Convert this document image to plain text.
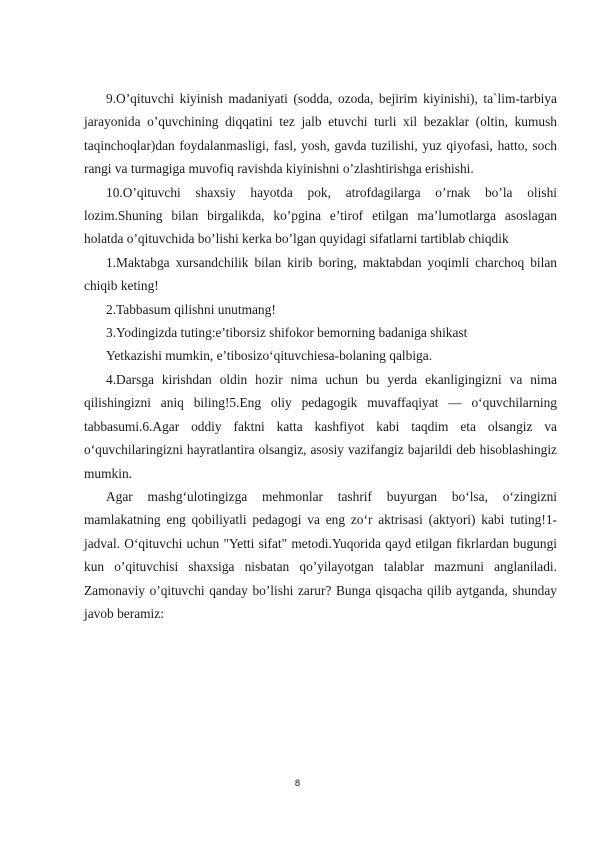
9.O’qituvchi kiyinish madaniyati (sodda, ozoda, bejirim kiyinishi), ta`lim-tarbiya jarayonida o’quvchining diqqatini tez jalb etuvchi turli xil bezaklar (oltin, kumush taqinchoqlar)dan foydalanmasligi, fasl, yosh, gavda tuzilishi, yuz qiyofasi, hatto, soch rangi va turmagiga muvofiq ravishda kiyinishni o’zlashtirishga erishishi.

10.O’qituvchi shaxsiy hayotda pok, atrofdagilarga o’rnak bo’la olishi lozim.Shuning bilan birgalikda, ko’pgina e’tirof etilgan ma’lumotlarga asoslagan holatda o’qituvchida bo’lishi kerka bo’lgan quyidagi sifatlarni tartiblab chiqdik

1.Maktabga xursandchilik bilan kirib boring, maktabdan yoqimli charchoq bilan chiqib keting!

2.Tabbasum qilishni unutmang!

3.Yodingizda tuting:e’tiborsiz shifokor bemorning badaniga shikast

Yetkazishi mumkin, e’tibosizo‘qituvchiesa-bolaning qalbiga.

4.Darsga kirishdan oldin hozir nima uchun bu yerda ekanligingizni va nima qilishingizni aniq biling!5.Eng oliy pedagogik muvaffaqiyat — o‘quvchilarning tabbasumi.6.Agar oddiy faktni katta kashfiyot kabi taqdim eta olsangiz va o‘quvchilaringizni hayratlantira olsangiz, asosiy vazifangiz bajarildi deb hisoblashingiz mumkin.

Agar mashg‘ulotingizga mehmonlar tashrif buyurgan bo‘lsa, o‘zingizni mamlakatning eng qobiliyatli pedagogi va eng zo‘r aktrisasi (aktyori) kabi tuting!1-jadval. O‘qituvchi uchun "Yetti sifat" metodi.Yuqorida qayd etilgan fikrlardan bugungi kun o’qituvchisi shaxsiga nisbatan qo’yilayotgan talablar mazmuni anglaniladi. Zamonaviy o’qituvchi qanday bo’lishi zarur? Bunga qisqacha qilib aytganda, shunday javob beramiz:

8
